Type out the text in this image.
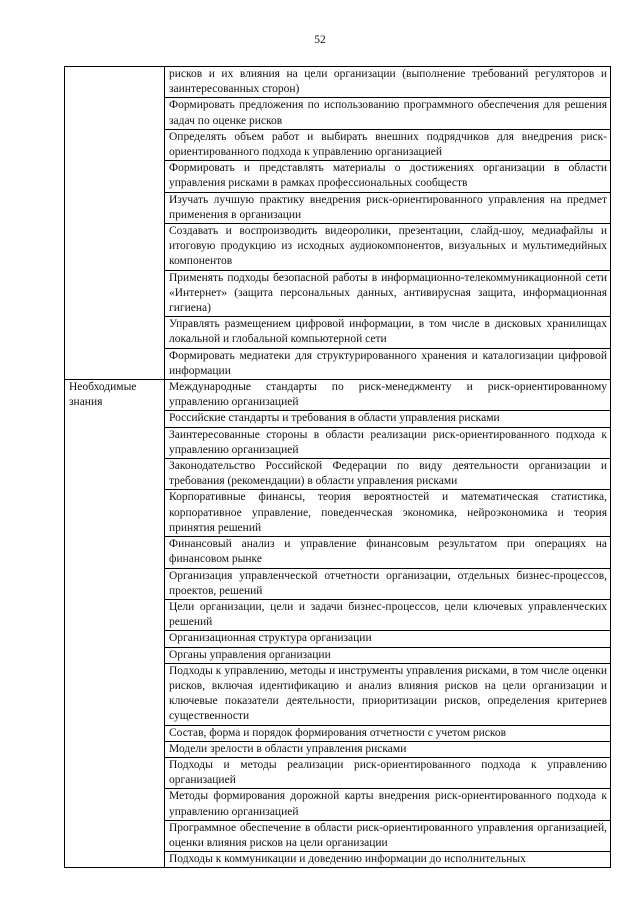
52
	рисков и их влияния на цели организации (выполнение требований регуляторов и заинтересованных сторон)
	Формировать предложения по использованию программного обеспечения для решения задач по оценке рисков
	Определять объем работ и выбирать внешних подрядчиков для внедрения риск-ориентированного подхода к управлению организацией
	Формировать и представлять материалы о достижениях организации в области управления рисками в рамках профессиональных сообществ
	Изучать лучшую практику внедрения риск-ориентированного управления на предмет применения в организации
	Создавать и воспроизводить видеоролики, презентации, слайд-шоу, медиафайлы и итоговую продукцию из исходных аудиокомпонентов, визуальных и мультимедийных компонентов
	Применять подходы безопасной работы в информационно-телекоммуникационной сети «Интернет» (защита персональных данных, антивирусная защита, информационная гигиена)
	Управлять размещением цифровой информации, в том числе в дисковых хранилищах локальной и глобальной компьютерной сети
	Формировать медиатеки для структурированного хранения и каталогизации цифровой информации
Необходимые знания	Международные стандарты по риск-менеджменту и риск-ориентированному управлению организацией
	Российские стандарты и требования в области управления рисками
	Заинтересованные стороны в области реализации риск-ориентированного подхода к управлению организацией
	Законодательство Российской Федерации по виду деятельности организации и требования (рекомендации) в области управления рисками
	Корпоративные финансы, теория вероятностей и математическая статистика, корпоративное управление, поведенческая экономика, нейроэкономика и теория принятия решений
	Финансовый анализ и управление финансовым результатом при операциях на финансовом рынке
	Организация управленческой отчетности организации, отдельных бизнес-процессов, проектов, решений
	Цели организации, цели и задачи бизнес-процессов, цели ключевых управленческих решений
	Организационная структура организации
	Органы управления организации
	Подходы к управлению, методы и инструменты управления рисками, в том числе оценки рисков, включая идентификацию и анализ влияния рисков на цели организации и ключевые показатели деятельности, приоритизации рисков, определения критериев существенности
	Состав, форма и порядок формирования отчетности с учетом рисков
	Модели зрелости в области управления рисками
	Подходы и методы реализации риск-ориентированного подхода к управлению организацией
	Методы формирования дорожной карты внедрения риск-ориентированного подхода к управлению организацией
	Программное обеспечение в области риск-ориентированного управления организацией, оценки влияния рисков на цели организации
	Подходы к коммуникации и доведению информации до исполнительных
